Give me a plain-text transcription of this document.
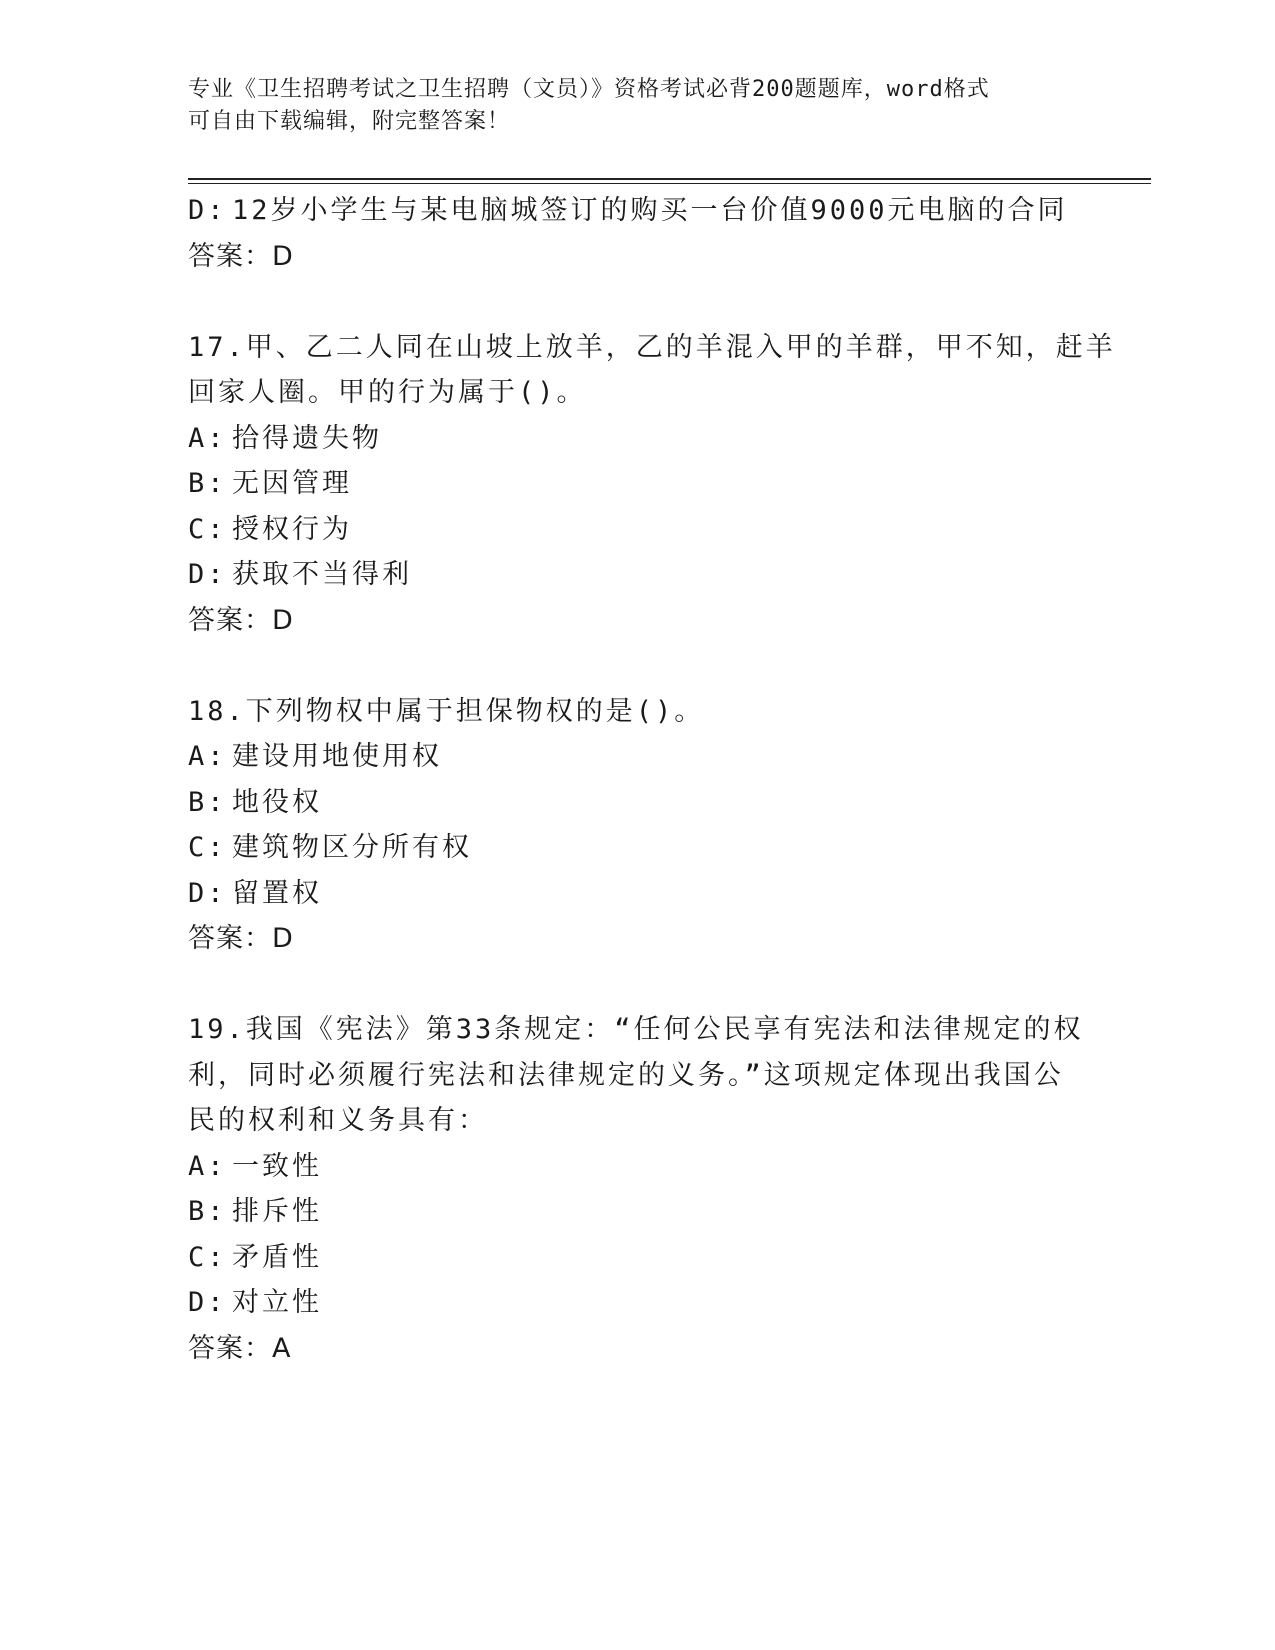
专业《卫生招聘考试之卫生招聘（文员）》资格考试必背200题题库，word格式
可自由下载编辑，附完整答案！
D: 12岁小学生与某电脑城签订的购买一台价值9000元电脑的合同
答案：D
17.甲、乙二人同在山坡上放羊，乙的羊混入甲的羊群，甲不知，赶羊
回家人圈。甲的行为属于()。
A: 拾得遗失物
B: 无因管理
C: 授权行为
D: 获取不当得利
答案：D
18.下列物权中属于担保物权的是()。
A: 建设用地使用权
B: 地役权
C: 建筑物区分所有权
D: 留置权
答案：D
19.我国《宪法》第33条规定：“任何公民享有宪法和法律规定的权
利，同时必须履行宪法和法律规定的义务。”这项规定体现出我国公
民的权利和义务具有：
A: 一致性
B: 排斥性
C: 矛盾性
D: 对立性
答案：A
